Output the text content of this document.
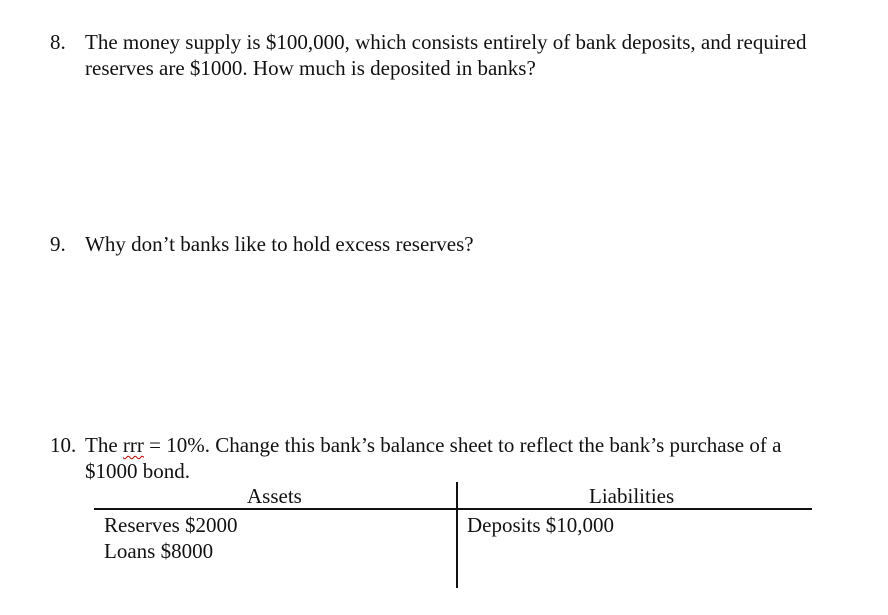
8. The money supply is $100,000, which consists entirely of bank deposits, and required
reserves are $1000. How much is deposited in banks?
9. Why don’t banks like to hold excess reserves?
10. The rrr = 10%. Change this bank’s balance sheet to reflect the bank’s purchase of a
$1000 bond.
Assets	Liabilities
Reserves $2000
Loans $8000
Deposits $10,000
